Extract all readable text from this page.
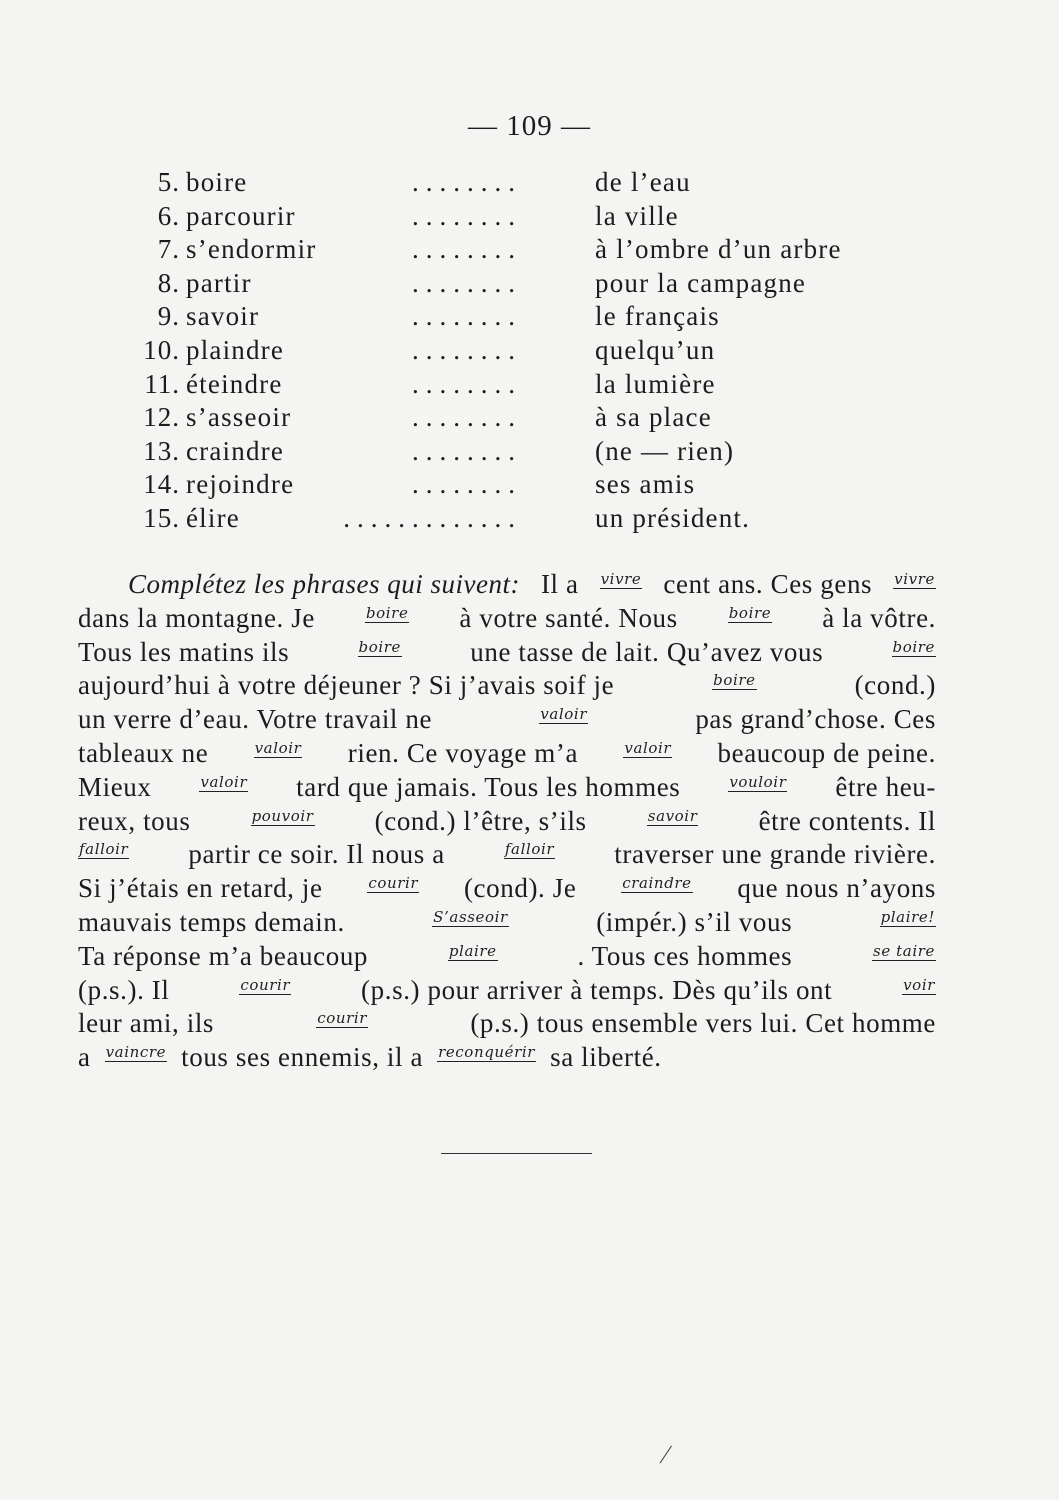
— 109 —
5. boire	........	de l’eau
6. parcourir	........	la ville
7. s’endormir	........	à l’ombre d’un arbre
8. partir	........	pour la campagne
9. savoir	........	le français
10. plaindre	........	quelqu’un
11. éteindre	........	la lumière
12. s’asseoir	........	à sa place
13. craindre	........	(ne — rien)
14. rejoindre	........	ses amis
15. élire	.............	un président.
Complétez les phrases qui suivent: Il a vivre cent ans. Ces gens vivre
dans la montagne. Je	boire à votre santé. Nous	boire à la vôtre.
Tous les matins ils	boire	une tasse de lait. Qu’avez vous	boire
aujourd’hui à votre déjeuner ? Si j’avais soif je	boire	(cond.)
un verre d’eau. Votre travail ne	valoir	pas grand’chose. Ces
tableaux ne	valoir rien. Ce voyage m’a	valoir beaucoup de peine.
Mieux	valoir tard que jamais. Tous les hommes	vouloir être heu-
reux, tous	pouvoir (cond.) l’être, s’ils	savoir être contents. Il
falloir partir ce soir. Il nous a	falloir traverser une grande rivière.
Si j’étais en retard, je	courir (cond). Je	craindre que nous n’ayons
mauvais temps demain.	S’asseoir	(impér.) s’il vous	plaire!
Ta réponse m’a beaucoup	plaire	. Tous ces hommes	se taire
(p.s.). Il	courir	(p.s.) pour arriver à temps. Dès qu’ils ont	voir
leur ami, ils	courir	(p.s.) tous ensemble vers lui. Cet homme
a vaincre tous ses ennemis, il a reconquérir sa liberté.
/
